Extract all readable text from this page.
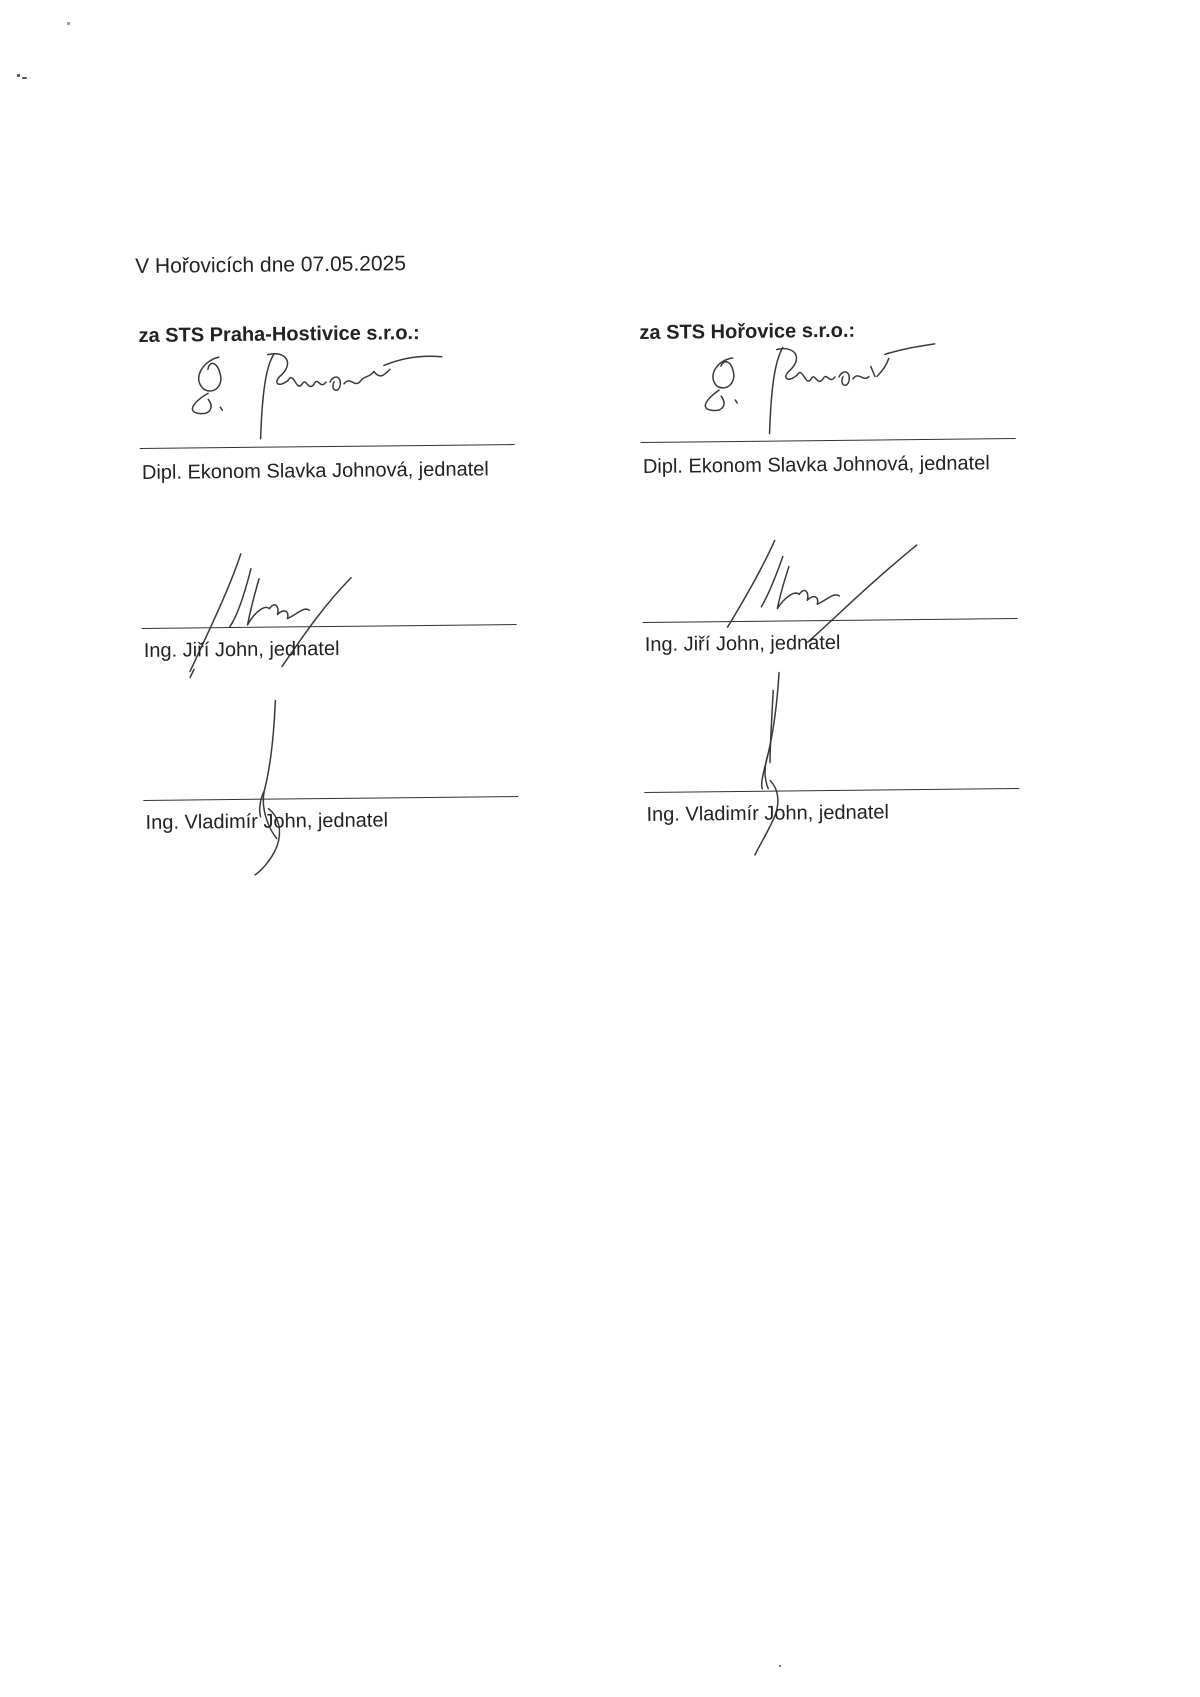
V Hořovicích dne 07.05.2025
za STS Praha-Hostivice s.r.o.:
Dipl. Ekonom Slavka Johnová, jednatel
Ing. Jiří John, jednatel
Ing. Vladimír John, jednatel
za STS Hořovice s.r.o.:
Dipl. Ekonom Slavka Johnová, jednatel
Ing. Jiří John, jednatel
Ing. Vladimír John, jednatel
